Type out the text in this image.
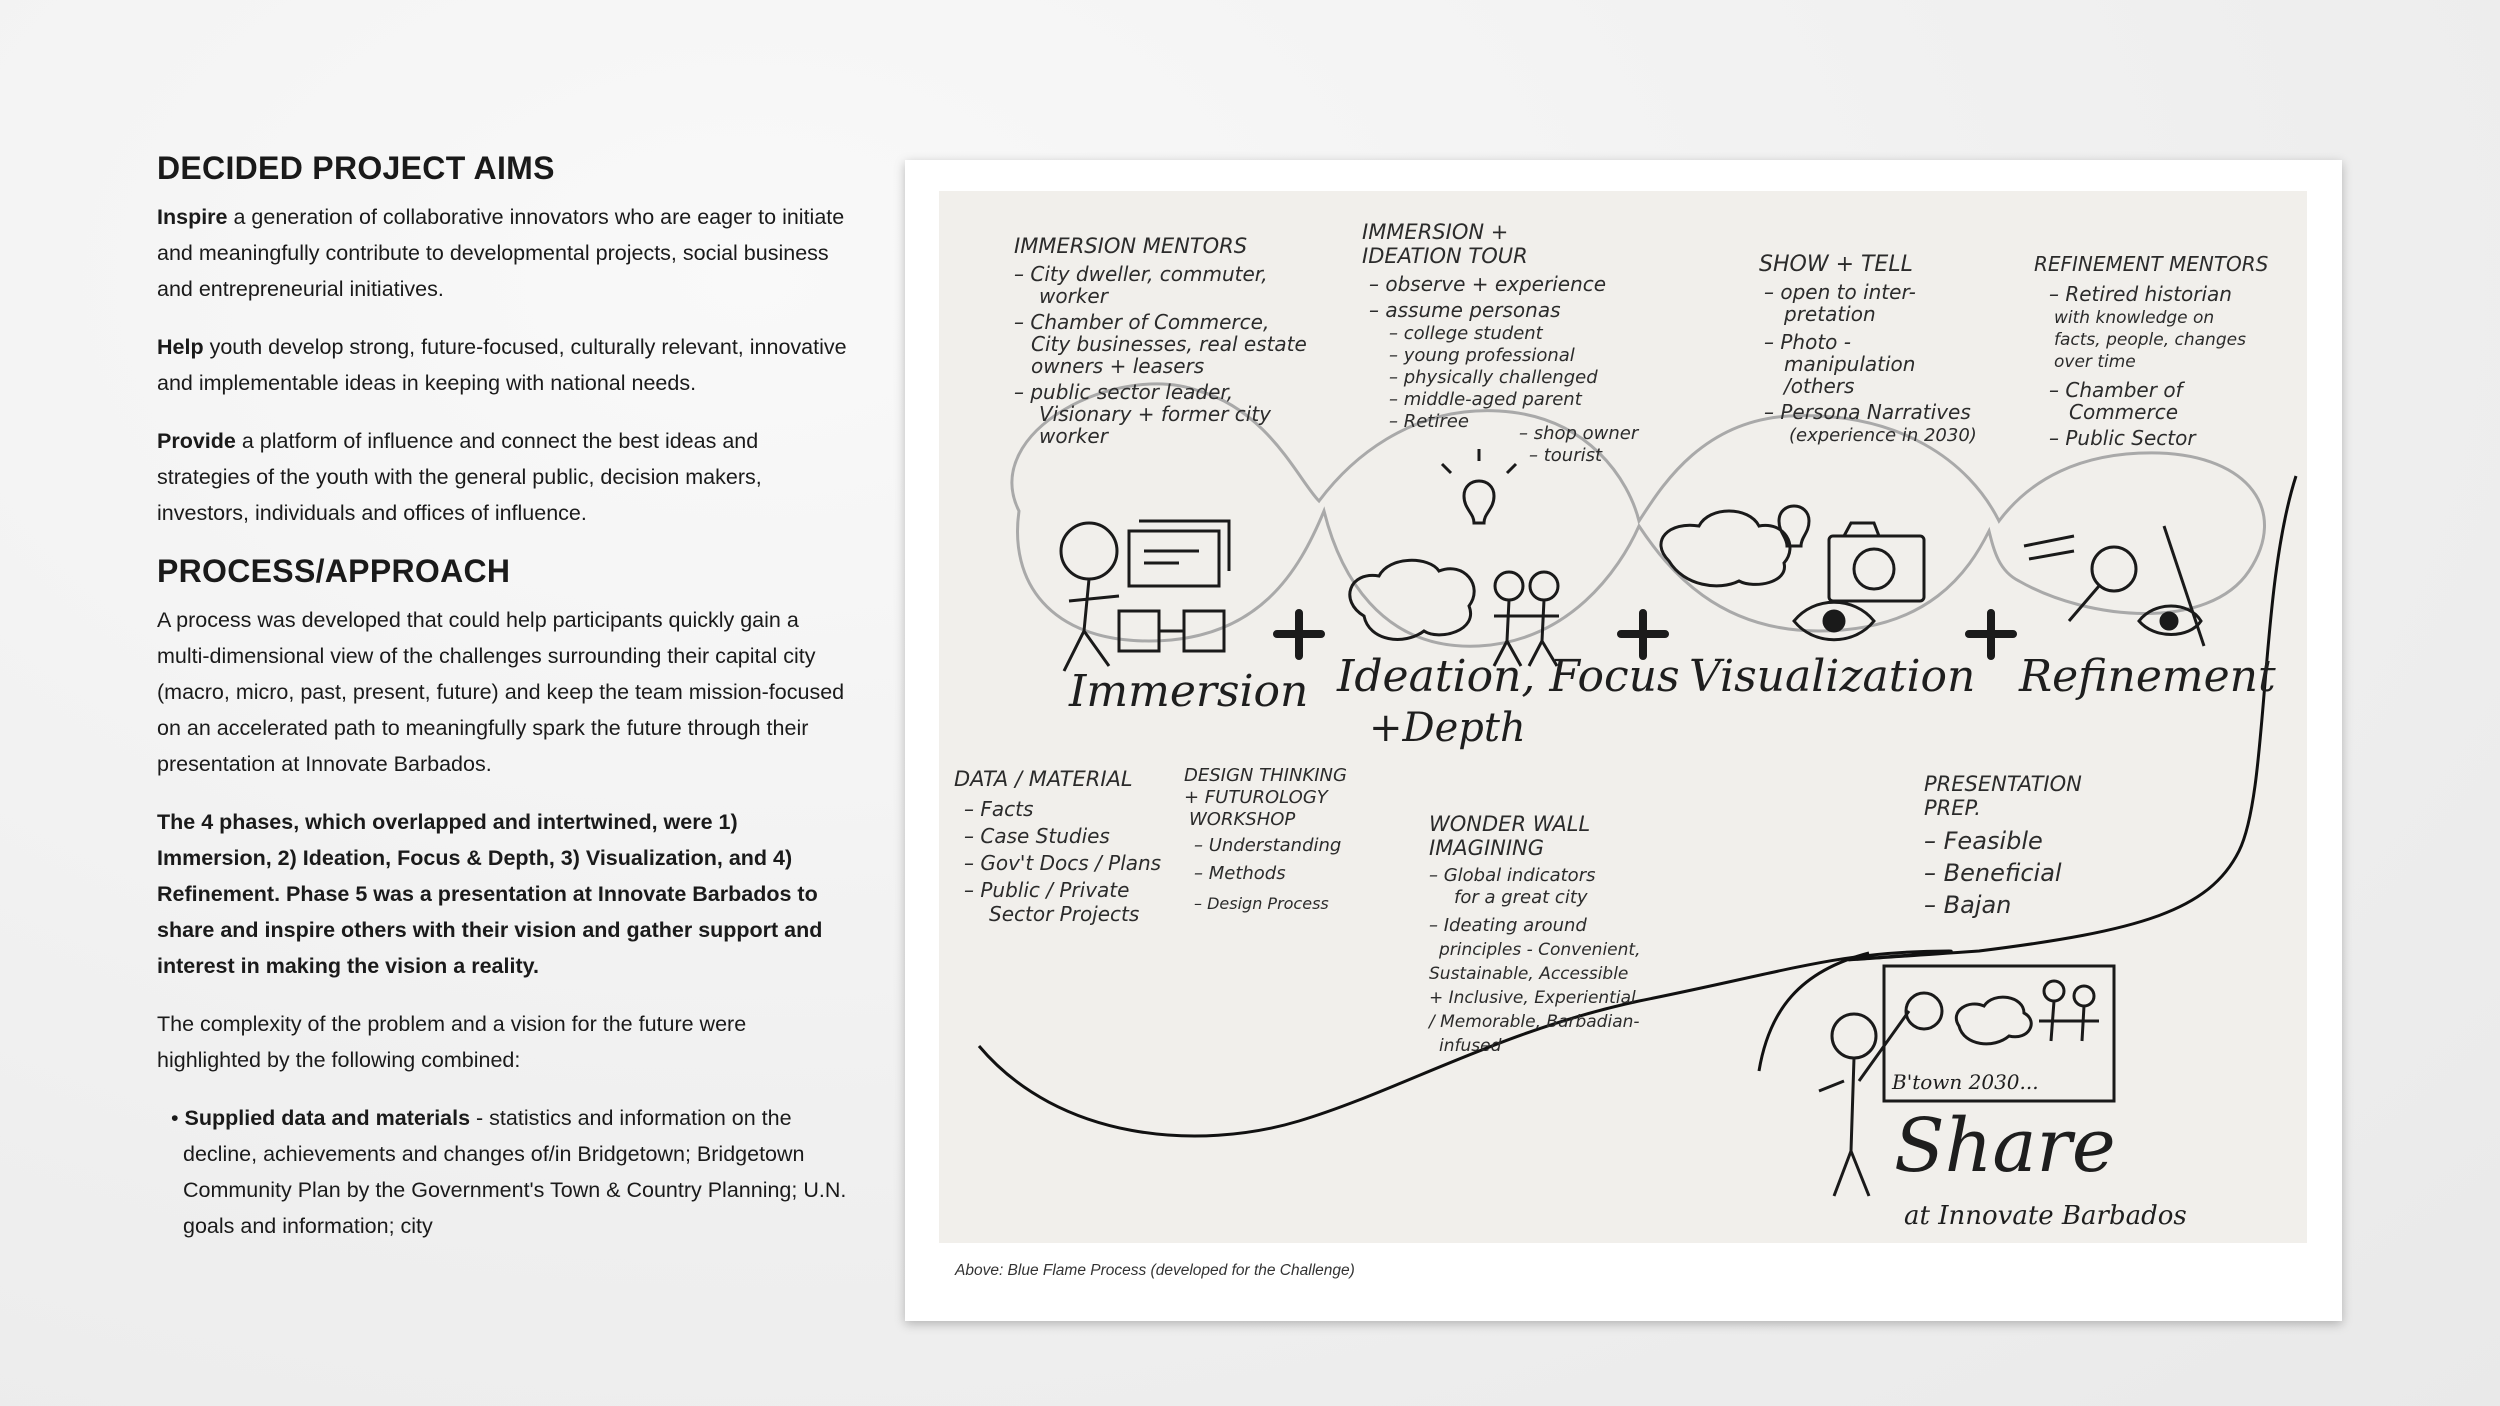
DECIDED PROJECT AIMS

Inspire a generation of collaborative innovators who are eager to initiate and meaningfully contribute to developmental projects, social business and entrepreneurial initiatives.

Help youth develop strong, future-focused, culturally relevant, innovative and implementable ideas in keeping with national needs.

Provide a platform of influence and connect the best ideas and strategies of the youth with the general public, decision makers, investors, individuals and offices of influence.

PROCESS/APPROACH

A process was developed that could help participants quickly gain a multi-dimensional view of the challenges surrounding their capital city (macro, micro, past, present, future) and keep the team mission-focused on an accelerated path to meaningfully spark the future through their presentation at Innovate Barbados.

The 4 phases, which overlapped and intertwined, were 1) Immersion, 2) Ideation, Focus & Depth, 3) Visualization, and 4) Refinement. Phase 5 was a presentation at Innovate Barbados to share and inspire others with their vision and gather support and interest in making the vision a reality.

The complexity of the problem and a vision for the future were highlighted by the following combined:

• Supplied data and materials - statistics and information on the decline, achievements and changes of/in Bridgetown; Bridgetown Community Plan by the Government's Town & Country Planning; U.N. goals and information; city

Immersion Ideation, Focus
+Depth
Visualization Refinement
B'town 2030...
Share
at Innovate Barbados
IMMERSION MENTORS
– City dweller, commuter,
worker
– Chamber of Commerce,
City businesses, real estate
owners + leasers
– public sector leader,
Visionary + former city
worker
IMMERSION +
IDEATION TOUR
– observe + experience
– assume personas
– college student
– young professional
– physically challenged
– middle-aged parent
– Retiree
– shop owner
– tourist
SHOW + TELL
– open to inter-
pretation
– Photo -
manipulation
/others
– Persona Narratives
(experience in 2030)
REFINEMENT MENTORS
– Retired historian
with knowledge on
facts, people, changes
over time
– Chamber of
Commerce
– Public Sector
DATA / MATERIAL
– Facts
– Case Studies
– Gov't Docs / Plans
– Public / Private
Sector Projects
DESIGN THINKING
+ FUTUROLOGY
WORKSHOP
– Understanding
– Methods
– Design Process
WONDER WALL
IMAGINING
– Global indicators
for a great city
– Ideating around
principles - Convenient,
Sustainable, Accessible
+ Inclusive, Experiential
/ Memorable, Barbadian-
infused
PRESENTATION
PREP.
– Feasible
– Beneficial
– Bajan
Above: Blue Flame Process (developed for the Challenge)
